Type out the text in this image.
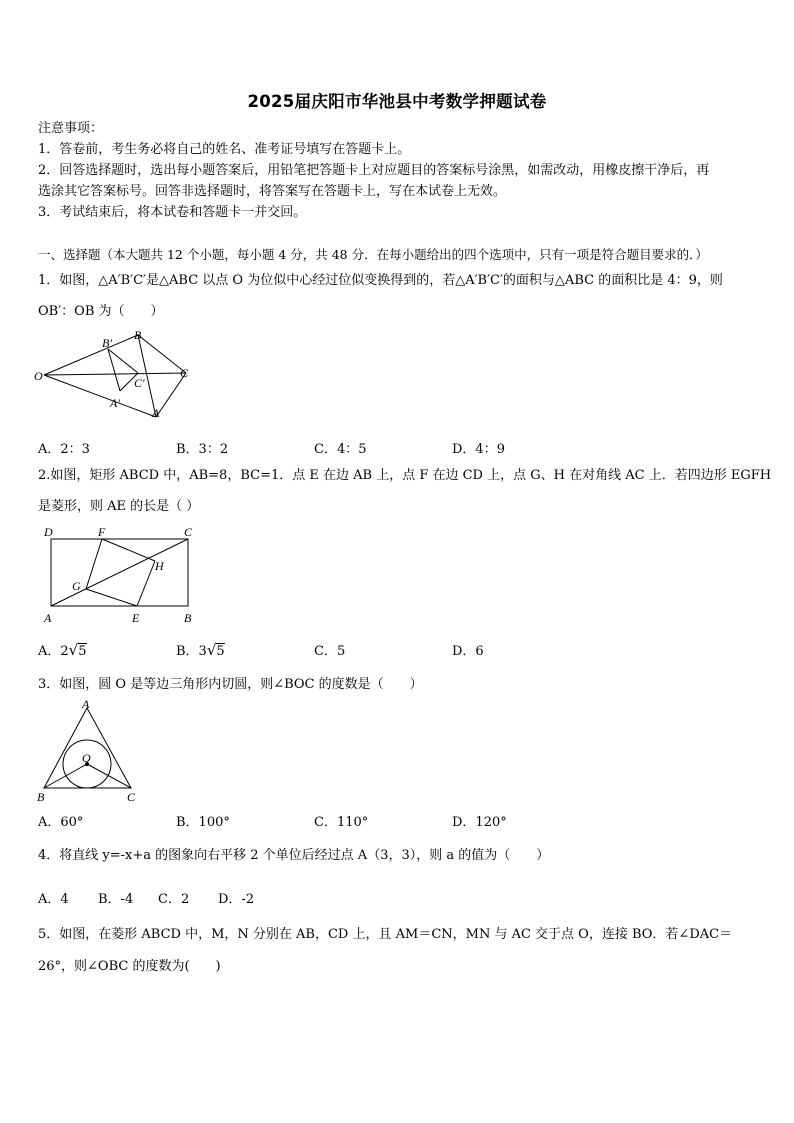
2025届庆阳市华池县中考数学押题试卷
注意事项：
1．答卷前，考生务必将自己的姓名、准考证号填写在答题卡上。
2．回答选择题时，选出每小题答案后，用铅笔把答题卡上对应题目的答案标号涂黑，如需改动，用橡皮擦干净后，再
选涂其它答案标号。回答非选择题时，将答案写在答题卡上，写在本试卷上无效。
3．考试结束后，将本试卷和答题卡一并交回。
一、选择题（本大题共 12 个小题，每小题 4 分，共 48 分．在每小题给出的四个选项中，只有一项是符合题目要求的．）
1．如图，△A′B′C′是△ABC 以点 O 为位似中心经过位似变换得到的，若△A′B′C′的面积与△ABC 的面积比是 4：9，则
OB′：OB 为（　　）
O
B′
B
C
C′
A′
A
A．2：3	B．3：2	C．4：5	D．4：9
2.如图，矩形 ABCD 中，AB=8，BC=1．点 E 在边 AB 上，点 F 在边 CD 上，点 G、H 在对角线 AC 上．若四边形 EGFH
是菱形，则 AE 的长是（ ）
D	F	C
H
G
A	E	B
A．2√5	B．3√5	C．5	D．6
3．如图，圆 O 是等边三角形内切圆，则∠BOC 的度数是（　　）
A
O
B	C
A．60°	B．100°	C．110°	D．120°
4．将直线 y=-x+a 的图象向右平移 2 个单位后经过点 A（3，3），则 a 的值为（　　）
A．4 B．-4 C．2 D．-2
5．如图，在菱形 ABCD 中，M，N 分别在 AB，CD 上，且 AM＝CN，MN 与 AC 交于点 O，连接 BO．若∠DAC＝
26°，则∠OBC 的度数为(　　)
